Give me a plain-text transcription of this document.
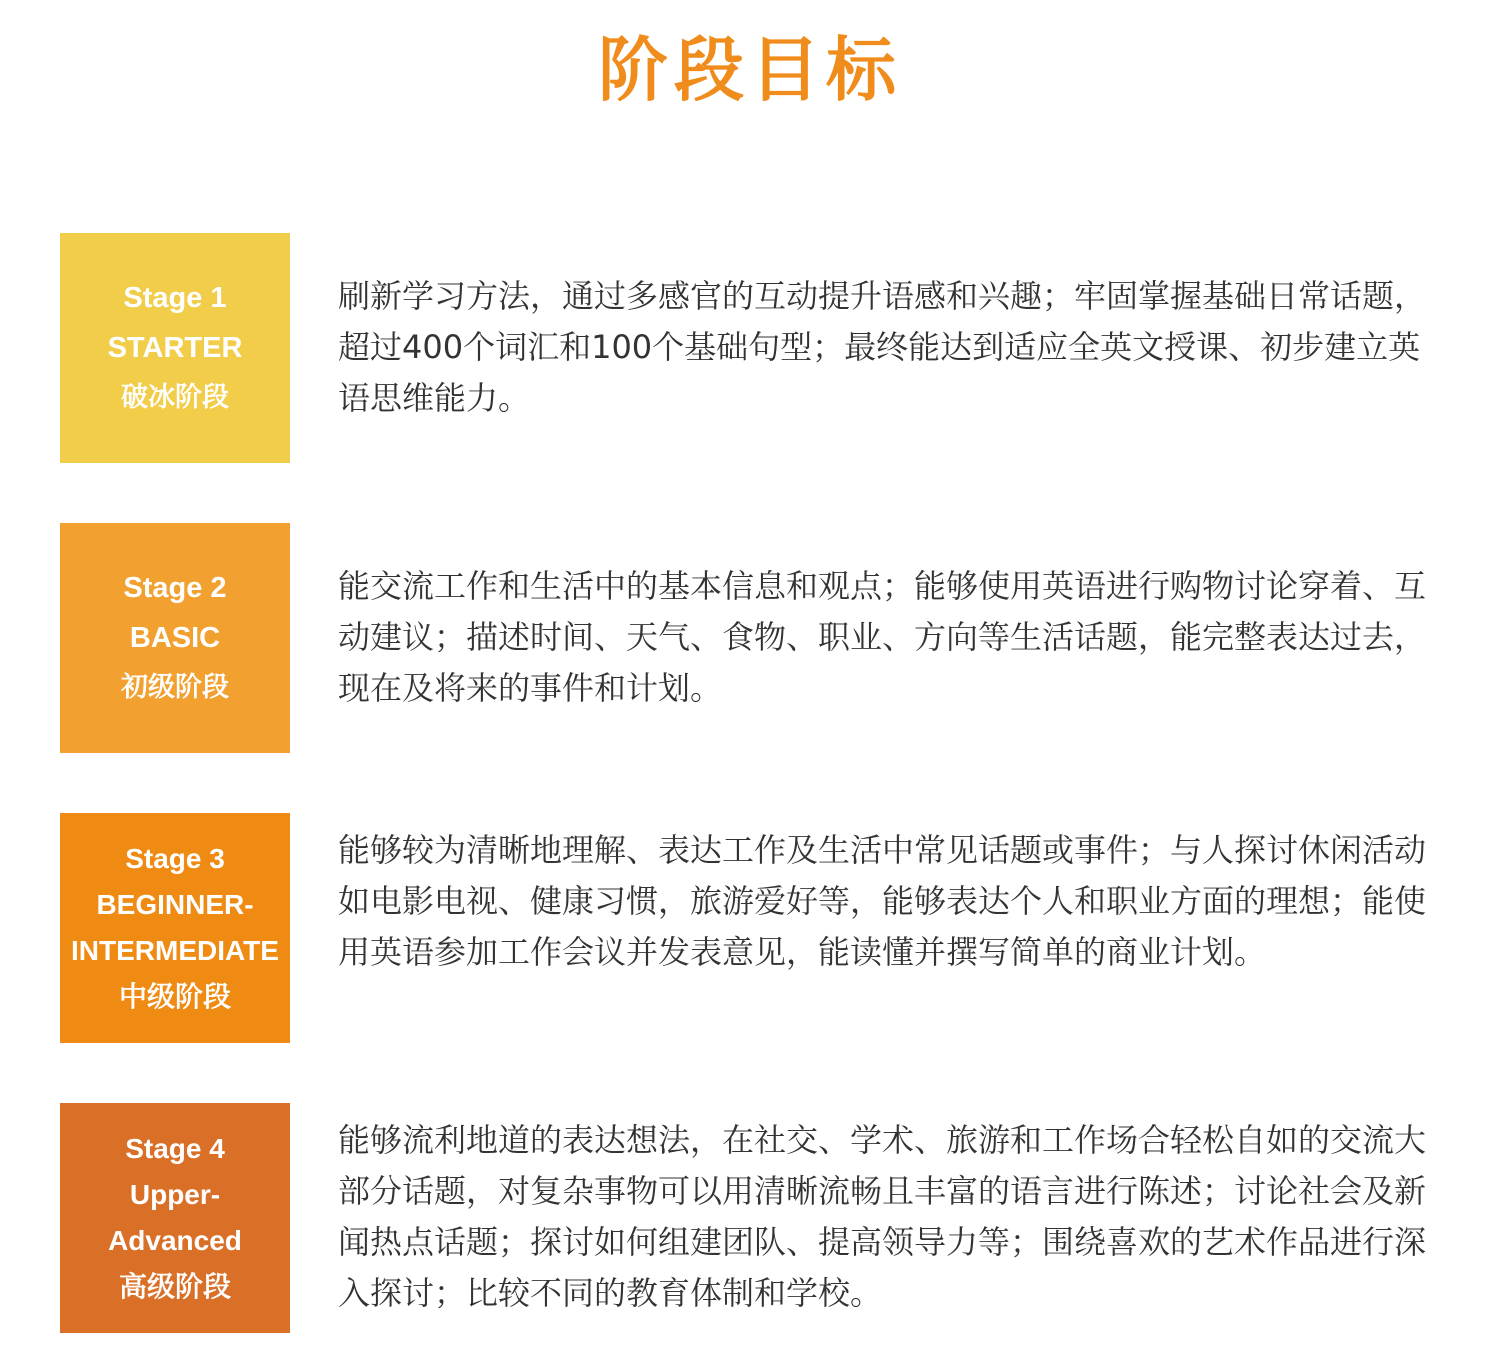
阶段目标
Stage 1
STARTER
破冰阶段
刷新学习方法，通过多感官的互动提升语感和兴趣；牢固掌握基础日常话题，超过400个词汇和100个基础句型；最终能达到适应全英文授课、初步建立英语思维能力。
Stage 2
BASIC
初级阶段
能交流工作和生活中的基本信息和观点；能够使用英语进行购物讨论穿着、互动建议；描述时间、天气、食物、职业、方向等生活话题，能完整表达过去，现在及将来的事件和计划。
Stage 3
BEGINNER-
INTERMEDIATE
中级阶段
能够较为清晰地理解、表达工作及生活中常见话题或事件；与人探讨休闲活动如电影电视、健康习惯，旅游爱好等，能够表达个人和职业方面的理想；能使用英语参加工作会议并发表意见，能读懂并撰写简单的商业计划。
Stage 4
Upper-
Advanced
高级阶段
能够流利地道的表达想法，在社交、学术、旅游和工作场合轻松自如的交流大部分话题，对复杂事物可以用清晰流畅且丰富的语言进行陈述；讨论社会及新闻热点话题；探讨如何组建团队、提高领导力等；围绕喜欢的艺术作品进行深入探讨；比较不同的教育体制和学校。
